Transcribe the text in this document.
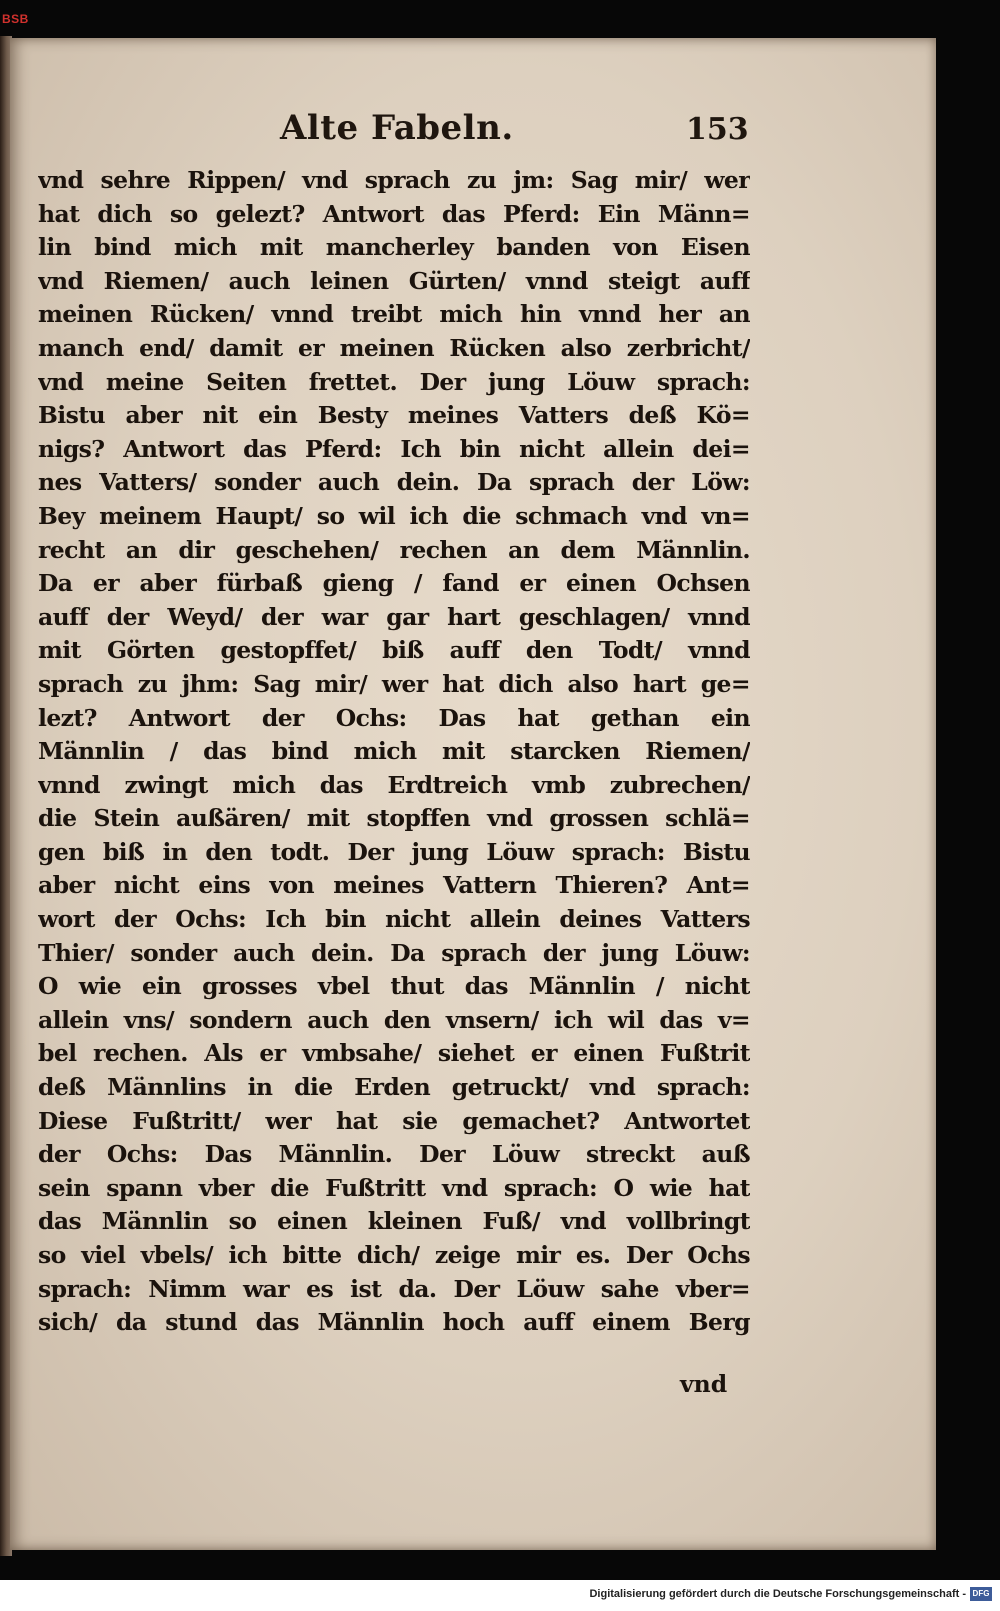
BSB
Alte Fabeln.	153
vnd sehre Rippen/ vnd sprach zu jm: Sag mir/ wer
hat dich so gelezt? Antwort das Pferd: Ein Männ=
lin bind mich mit mancherley banden von Eisen
vnd Riemen/ auch leinen Gürten/ vnnd steigt auff
meinen Rücken/ vnnd treibt mich hin vnnd her an
manch end/ damit er meinen Rücken also zerbricht/
vnd meine Seiten frettet. Der jung Löuw sprach:
Bistu aber nit ein Besty meines Vatters deß Kö=
nigs? Antwort das Pferd: Ich bin nicht allein dei=
nes Vatters/ sonder auch dein. Da sprach der Löw:
Bey meinem Haupt/ so wil ich die schmach vnd vn=
recht an dir geschehen/ rechen an dem Männlin.
Da er aber fürbaß gieng / fand er einen Ochsen
auff der Weyd/ der war gar hart geschlagen/ vnnd
mit Görten gestopffet/ biß auff den Todt/ vnnd
sprach zu jhm: Sag mir/ wer hat dich also hart ge=
lezt? Antwort der Ochs: Das hat gethan ein
Männlin / das bind mich mit starcken Riemen/
vnnd zwingt mich das Erdtreich vmb zubrechen/
die Stein außären/ mit stopffen vnd grossen schlä=
gen biß in den todt. Der jung Löuw sprach: Bistu
aber nicht eins von meines Vattern Thieren? Ant=
wort der Ochs: Ich bin nicht allein deines Vatters
Thier/ sonder auch dein. Da sprach der jung Löuw:
O wie ein grosses vbel thut das Männlin / nicht
allein vns/ sondern auch den vnsern/ ich wil das v=
bel rechen. Als er vmbsahe/ siehet er einen Fußtrit
deß Männlins in die Erden getruckt/ vnd sprach:
Diese Fußtritt/ wer hat sie gemachet? Antwortet
der Ochs: Das Männlin. Der Löuw streckt auß
sein spann vber die Fußtritt vnd sprach: O wie hat
das Männlin so einen kleinen Fuß/ vnd vollbringt
so viel vbels/ ich bitte dich/ zeige mir es. Der Ochs
sprach: Nimm war es ist da. Der Löuw sahe vber=
sich/ da stund das Männlin hoch auff einem Berg
vnd
Digitalisierung gefördert durch die Deutsche Forschungsgemeinschaft - DFG
